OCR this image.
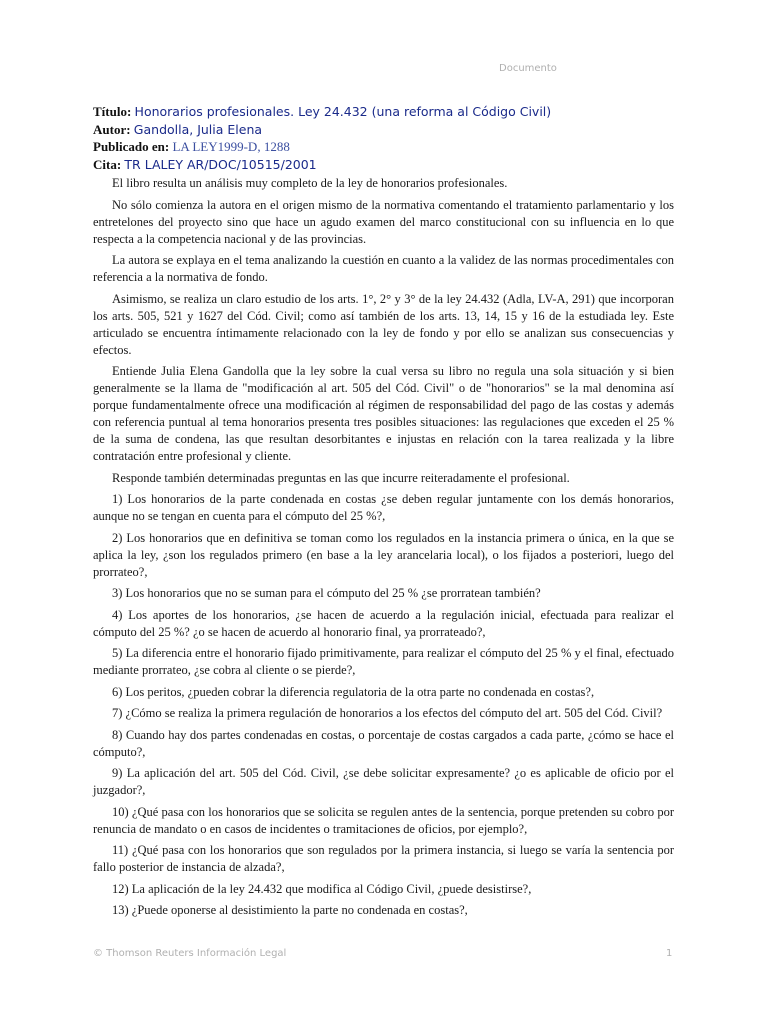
Documento
Título: Honorarios profesionales. Ley 24.432 (una reforma al Código Civil)
Autor: Gandolla, Julia Elena
Publicado en: LA LEY1999-D, 1288
Cita: TR LALEY AR/DOC/10515/2001

El libro resulta un análisis muy completo de la ley de honorarios profesionales.

No sólo comienza la autora en el origen mismo de la normativa comentando el tratamiento parlamentario y los entretelones del proyecto sino que hace un agudo examen del marco constitucional con su influencia en lo que respecta a la competencia nacional y de las provincias.

La autora se explaya en el tema analizando la cuestión en cuanto a la validez de las normas procedimentales con referencia a la normativa de fondo.

Asimismo, se realiza un claro estudio de los arts. 1°, 2° y 3° de la ley 24.432 (Adla, LV-A, 291) que incorporan los arts. 505, 521 y 1627 del Cód. Civil; como así también de los arts. 13, 14, 15 y 16 de la estudiada ley. Este articulado se encuentra íntimamente relacionado con la ley de fondo y por ello se analizan sus consecuencias y efectos.

Entiende Julia Elena Gandolla que la ley sobre la cual versa su libro no regula una sola situación y si bien generalmente se la llama de "modificación al art. 505 del Cód. Civil" o de "honorarios" se la mal denomina así porque fundamentalmente ofrece una modificación al régimen de responsabilidad del pago de las costas y además con referencia puntual al tema honorarios presenta tres posibles situaciones: las regulaciones que exceden el 25 % de la suma de condena, las que resultan desorbitantes e injustas en relación con la tarea realizada y la libre contratación entre profesional y cliente.

Responde también determinadas preguntas en las que incurre reiteradamente el profesional.

1) Los honorarios de la parte condenada en costas ¿se deben regular juntamente con los demás honorarios, aunque no se tengan en cuenta para el cómputo del 25 %?,

2) Los honorarios que en definitiva se toman como los regulados en la instancia primera o única, en la que se aplica la ley, ¿son los regulados primero (en base a la ley arancelaria local), o los fijados a posteriori, luego del prorrateo?,

3) Los honorarios que no se suman para el cómputo del 25 % ¿se prorratean también?

4) Los aportes de los honorarios, ¿se hacen de acuerdo a la regulación inicial, efectuada para realizar el cómputo del 25 %? ¿o se hacen de acuerdo al honorario final, ya prorrateado?,

5) La diferencia entre el honorario fijado primitivamente, para realizar el cómputo del 25 % y el final, efectuado mediante prorrateo, ¿se cobra al cliente o se pierde?,

6) Los peritos, ¿pueden cobrar la diferencia regulatoria de la otra parte no condenada en costas?,

7) ¿Cómo se realiza la primera regulación de honorarios a los efectos del cómputo del art. 505 del Cód. Civil?

8) Cuando hay dos partes condenadas en costas, o porcentaje de costas cargados a cada parte, ¿cómo se hace el cómputo?,

9) La aplicación del art. 505 del Cód. Civil, ¿se debe solicitar expresamente? ¿o es aplicable de oficio por el juzgador?,

10) ¿Qué pasa con los honorarios que se solicita se regulen antes de la sentencia, porque pretenden su cobro por renuncia de mandato o en casos de incidentes o tramitaciones de oficios, por ejemplo?,

11) ¿Qué pasa con los honorarios que son regulados por la primera instancia, si luego se varía la sentencia por fallo posterior de instancia de alzada?,

12) La aplicación de la ley 24.432 que modifica al Código Civil, ¿puede desistirse?,

13) ¿Puede oponerse al desistimiento la parte no condenada en costas?,

© Thomson Reuters Información Legal	1
